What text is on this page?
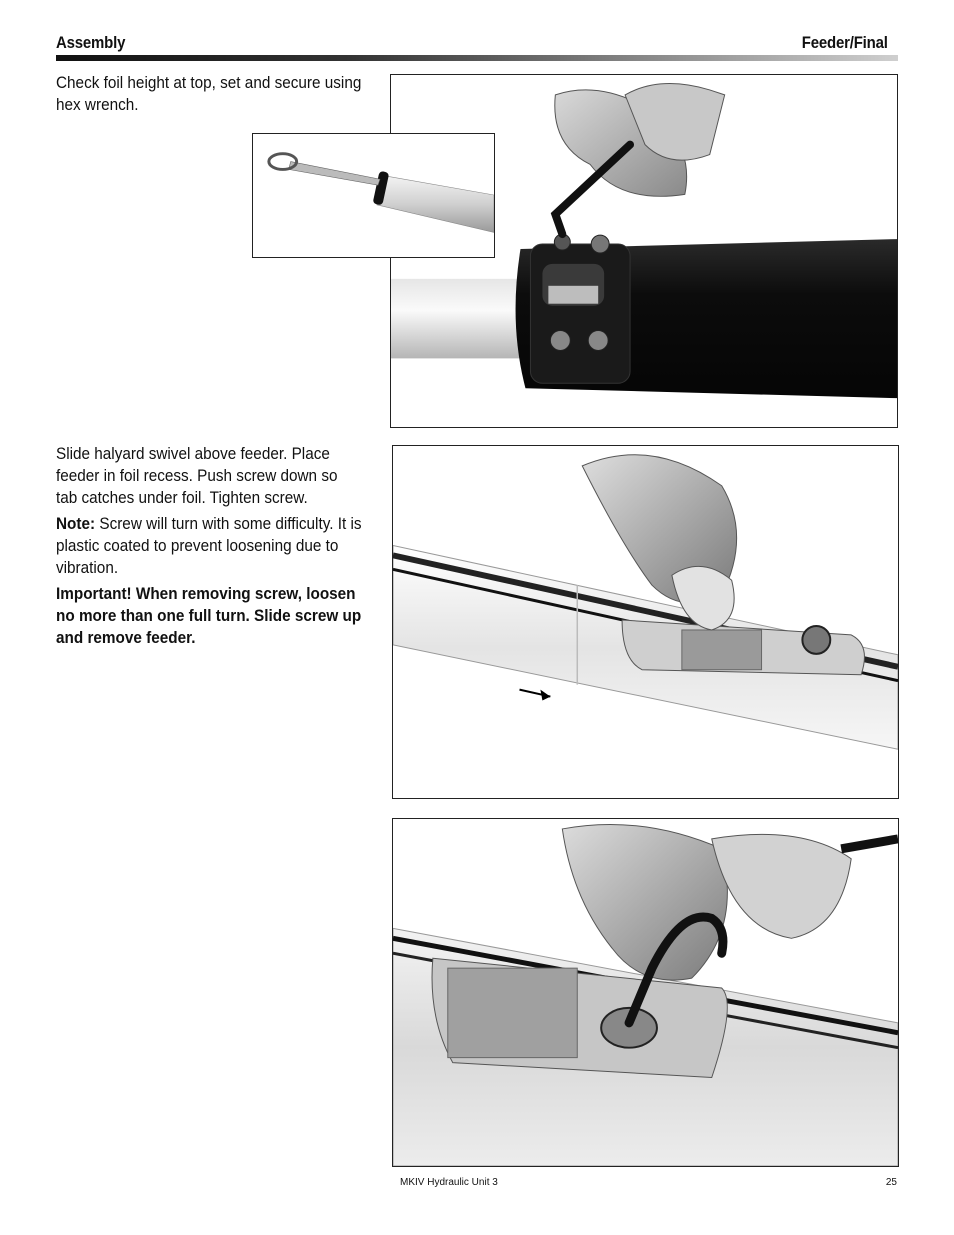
Assembly	Feeder/Final

Check foil height at top, set and secure using hex wrench.

Slide halyard swivel above feeder. Place feeder in foil recess. Push screw down so tab catches under foil. Tighten screw.

Note: Screw will turn with some difficulty. It is plastic coated to prevent loosening due to vibration.

Important! When removing screw, loosen no more than one full turn. Slide screw up and remove feeder.

MKIV Hydraulic Unit 3	25
